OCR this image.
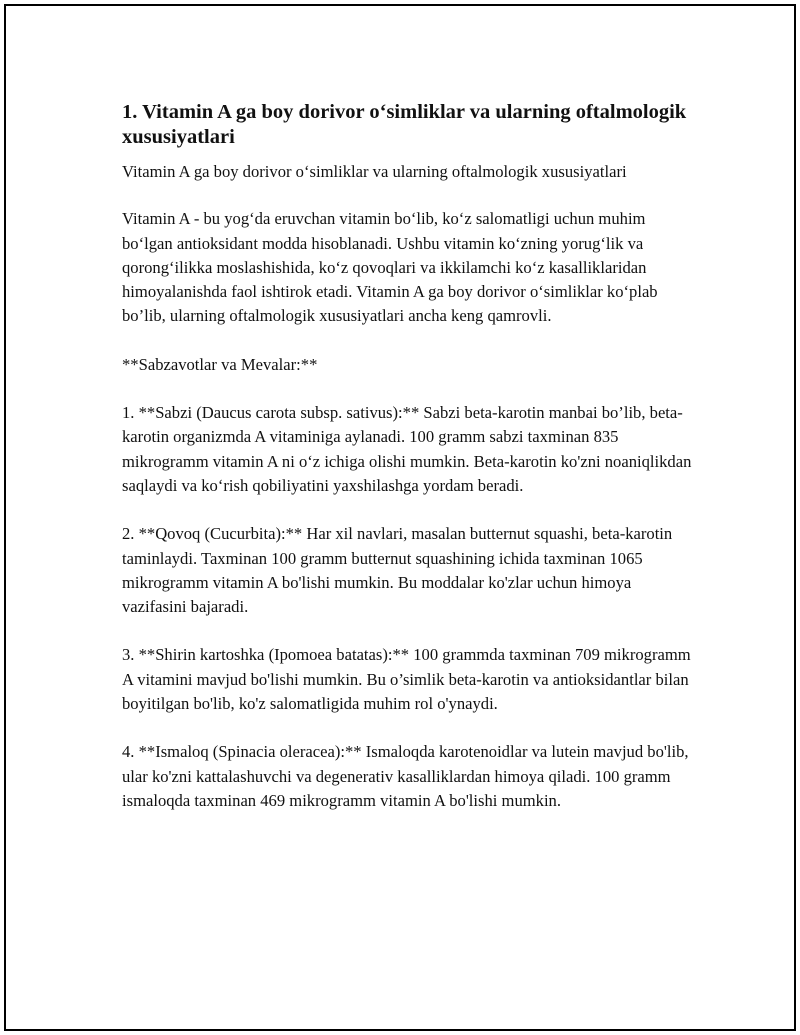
1. Vitamin A ga boy dorivor o‘simliklar va ularning oftalmologik xususiyatlari

Vitamin A ga boy dorivor o‘simliklar va ularning oftalmologik xususiyatlari

Vitamin A - bu yog‘da eruvchan vitamin bo‘lib, ko‘z salomatligi uchun muhim bo‘lgan antioksidant modda hisoblanadi. Ushbu vitamin ko‘zning yorug‘lik va qorong‘ilikka moslashishida, ko‘z qovoqlari va ikkilamchi ko‘z kasalliklaridan himoyalanishda faol ishtirok etadi. Vitamin A ga boy dorivor o‘simliklar ko‘plab bo’lib, ularning oftalmologik xususiyatlari ancha keng qamrovli.

**Sabzavotlar va Mevalar:**

1. **Sabzi (Daucus carota subsp. sativus):** Sabzi beta-karotin manbai bo’lib, beta-karotin organizmda A vitaminiga aylanadi. 100 gramm sabzi taxminan 835 mikrogramm vitamin A ni o‘z ichiga olishi mumkin. Beta-karotin ko'zni noaniqlikdan saqlaydi va ko‘rish qobiliyatini yaxshilashga yordam beradi.

2. **Qovoq (Cucurbita):** Har xil navlari, masalan butternut squashi, beta-karotin taminlaydi. Taxminan 100 gramm butternut squashining ichida taxminan 1065 mikrogramm vitamin A bo'lishi mumkin. Bu moddalar ko'zlar uchun himoya vazifasini bajaradi.

3. **Shirin kartoshka (Ipomoea batatas):** 100 grammda taxminan 709 mikrogramm A vitamini mavjud bo'lishi mumkin. Bu o’simlik beta-karotin va antioksidantlar bilan boyitilgan bo'lib, ko'z salomatligida muhim rol o'ynaydi.

4. **Ismaloq (Spinacia oleracea):** Ismaloqda karotenoidlar va lutein mavjud bo'lib, ular ko'zni kattalashuvchi va degenerativ kasalliklardan himoya qiladi. 100 gramm ismaloqda taxminan 469 mikrogramm vitamin A bo'lishi mumkin.
